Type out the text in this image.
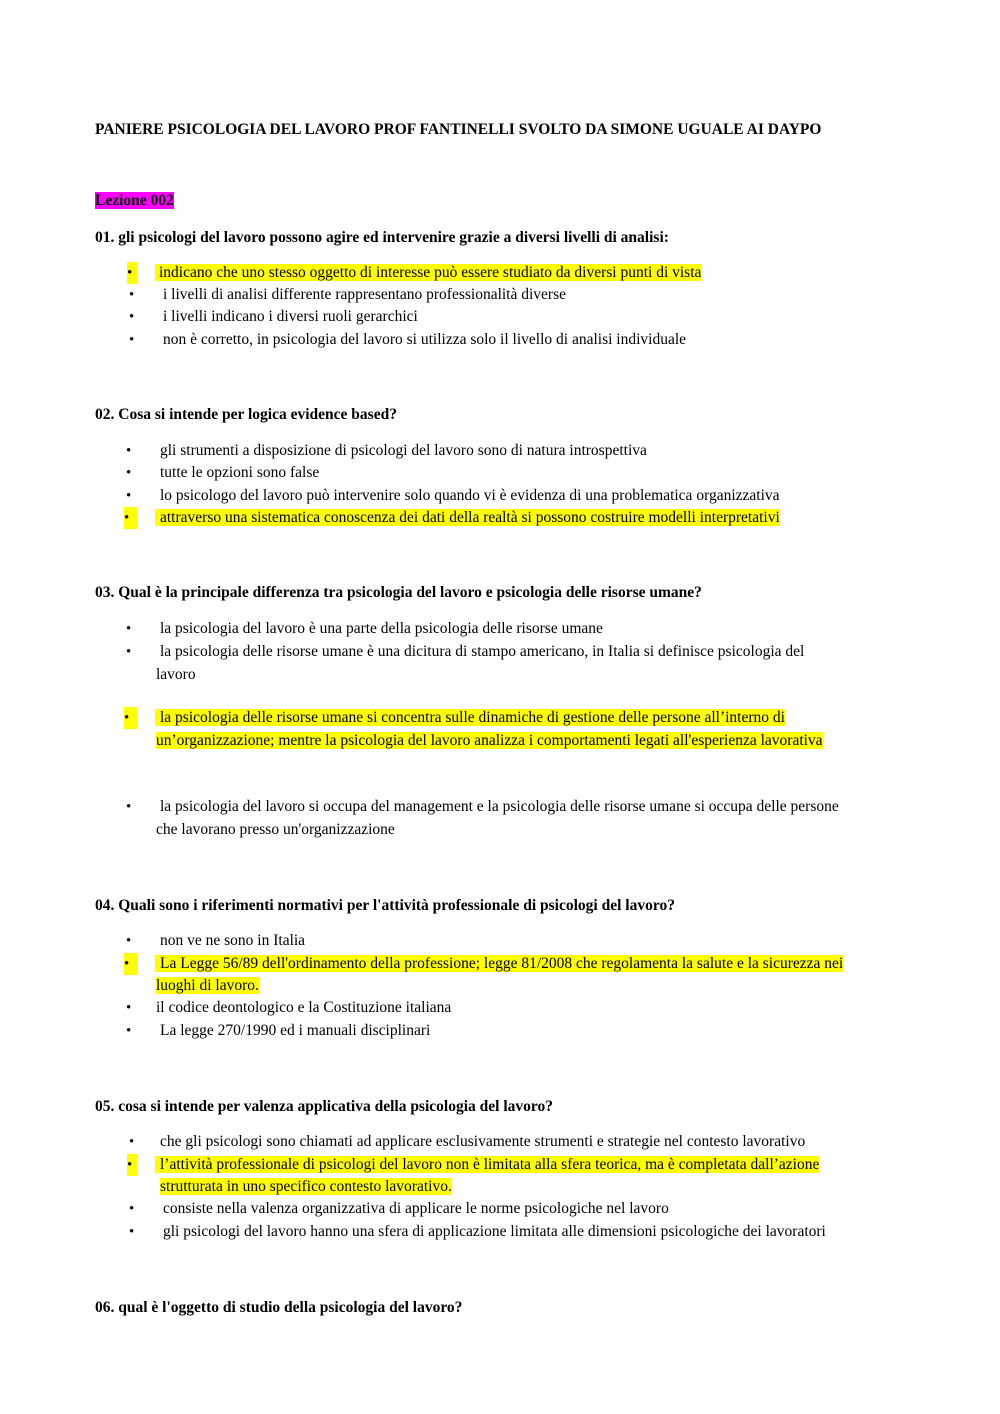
PANIERE PSICOLOGIA DEL LAVORO PROF FANTINELLI SVOLTO DA SIMONE UGUALE AI DAYPO
Lezione 002
01. gli psicologi del lavoro possono agire ed intervenire grazie a diversi livelli di analisi:
•	indicano che uno stesso oggetto di interesse può essere studiato da diversi punti di vista
• i livelli di analisi differente rappresentano professionalità diverse
• i livelli indicano i diversi ruoli gerarchici
• non è corretto, in psicologia del lavoro si utilizza solo il livello di analisi individuale
02. Cosa si intende per logica evidence based?
• gli strumenti a disposizione di psicologi del lavoro sono di natura introspettiva
• tutte le opzioni sono false
• lo psicologo del lavoro può intervenire solo quando vi è evidenza di una problematica organizzativa
•	attraverso una sistematica conoscenza dei dati della realtà si possono costruire modelli interpretativi
03. Qual è la principale differenza tra psicologia del lavoro e psicologia delle risorse umane?
• la psicologia del lavoro è una parte della psicologia delle risorse umane
• la psicologia delle risorse umane è una dicitura di stampo americano, in Italia si definisce psicologia del
lavoro
•	la psicologia delle risorse umane si concentra sulle dinamiche di gestione delle persone all’interno di
un’organizzazione; mentre la psicologia del lavoro analizza i comportamenti legati all'esperienza lavorativa
• la psicologia del lavoro si occupa del management e la psicologia delle risorse umane si occupa delle persone
che lavorano presso un'organizzazione
04. Quali sono i riferimenti normativi per l'attività professionale di psicologi del lavoro?
• non ve ne sono in Italia
•	La Legge 56/89 dell'ordinamento della professione; legge 81/2008 che regolamenta la salute e la sicurezza nei
luoghi di lavoro.
• il codice deontologico e la Costituzione italiana
• La legge 270/1990 ed i manuali disciplinari
05. cosa si intende per valenza applicativa della psicologia del lavoro?
• che gli psicologi sono chiamati ad applicare esclusivamente strumenti e strategie nel contesto lavorativo
•	l’attività professionale di psicologi del lavoro non è limitata alla sfera teorica, ma è completata dall’azione
strutturata in uno specifico contesto lavorativo.
• consiste nella valenza organizzativa di applicare le norme psicologiche nel lavoro
• gli psicologi del lavoro hanno una sfera di applicazione limitata alle dimensioni psicologiche dei lavoratori
06. qual è l'oggetto di studio della psicologia del lavoro?
